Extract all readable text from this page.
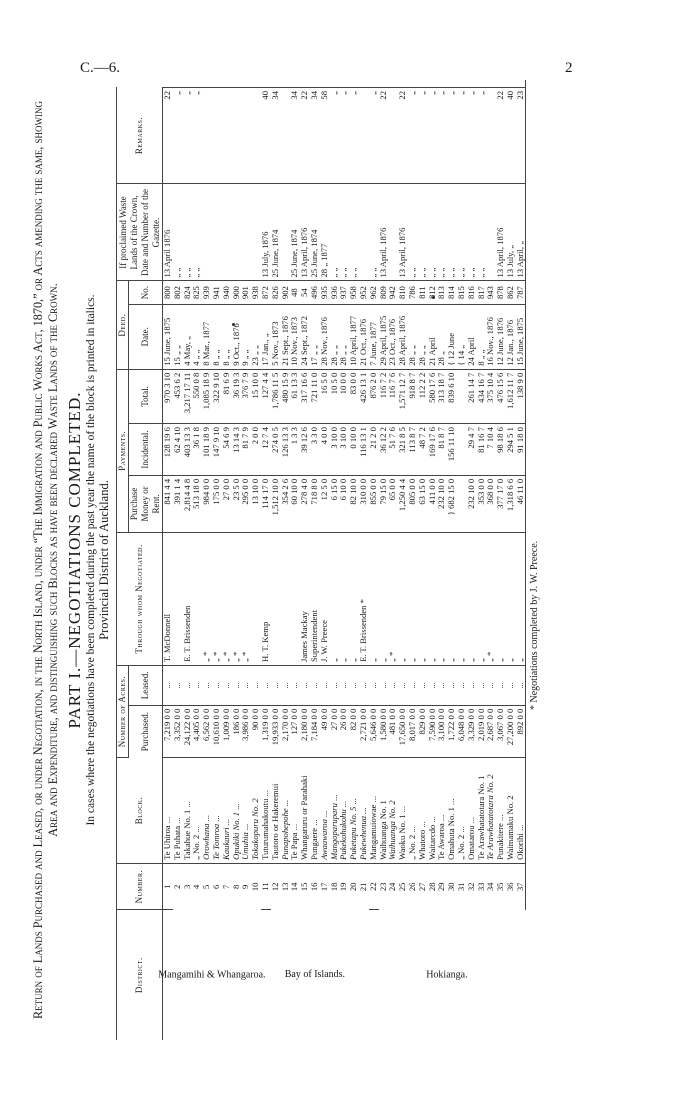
C.—6.	2
Return of Lands Purchased and Leased, or under Negotiation, in the North Island, under “The Immigration and Public Works Act, 1870,” or Acts amending the same, showing Area and Expenditure, and distinguishing such Blocks as have been declared Waste Lands of the Crown. PART I.—NEGOTIATIONS COMPLETED. In cases where the negotiations have been completed during the past year the name of the block is printed in italics. Provincial District of Auckland.
District.	Number.	Block.	Number of Acres.		Through whom Negotiated.	Payments.			Deed.		If proclaimed Waste Lands of the Crown, Date and Number of the Gazette.	Remarks.	
			Purchased.	Leased.		Purchase Money or Rent.	Incidental.	Total.	Date.	No.			
Mangamihi & Whangaroa.	1	Te Uhiroa ...	7,219 0 0	...	T. McDonnell	841 4 4	128 19 6	970 3 10	15 June, 1875	800	13 April 1876	22	
	2	Te Puhata ...	3,352 0 0	...		391 1 4	62 4 10	453 6 2	15 „ „	802	„ „	„	
	3	Takahue No. 1 ...	24,122 0 0	...	E. T. Brissenden	2,814 4 8	403 13 3	3,217 17 11	4 May, „	824	„ „	„	
	4	„ No. 2 ...	4,405 0 0	...		513 18 0	36 1 8	550 0 8	4 „ „	825	„ „	„	
	5	Orowhana ...	6,562 0 0	...	„ *	984 0 0	101 18 9	1,085 18 9	8 Mar., 1877	939			
	6	Te Tomroa ...	10,610 0 0	...	„ *	175 0 0	147 9 10	322 9 10	8 „ „	941			
	7	Kaukauri ...	1,009 0 0	...	„ *	27 0 0	54 6 9	81 6 9	8 „ „	940			
	8	Opukiki No. 1 ...	186 0 0	...	„ *	23 5 0	13 14 3	36 19 3	9 Oct., 1876	900			
	9	Umuhia ...	3,986 0 0	...	„ *	295 0 0	81 7 9	376 7 9	9 „ „	901			
	10	Tokakopuru No. 2	90 0 0	...		13 10 0	2 0 0	15 10 0	23 „ „	938			
Bay of Islands.	11	Tuturumahakoutu ...	1,319 0 0	...	H. T. Kemp	114 17 0	12 7 4	127 4 4	17 Jan., „	872	13 July, 1876	40	
	12	Tautoro or Hakeremui	19,933 0 0	...		1,512 10 0	274 0 5	1,786 11 5	5 Nov., 1873	826	25 June, 1874	34	
	13	Punapohepohe ...	2,170 0 0	...		354 2 6	126 13 3	480 15 9	21 Sept., 1876	902			
	14	Te Papa ...	127 0 0	...		60 10 0	1 3 3	61 13 3	10 Nov., 1873	48	25 June, 1874	34	
	15	Whangaruru or Parahaki	2,180 0 0	...	James Mackay	278 4 0	39 12 6	317 16 6	24 Sept., 1872	54	13 April, 1876	22	
	16	Pungaere ...	7,184 0 0	...	Superintendent	718 8 0	3 3 0	721 11 0	17 „ „	496	25 June, 1874	34	
	17	Awaawaroa ...	49 0 0	...	J. W. Preece	12 5 0	4 0 0	16 5 0	28 Nov., 1876	935	28 „ 1877	58	
	18	Mangoparuparu ...	27 0 0	...	„	6 15 0	3 10 0	10 5 0	28 „ „	936	„ „	„	
	19	Pukekohukohu ...	26 0 0	...	„	6 10 0	3 10 0	10 0 0	28 „ „	937	„ „	„	
	20	Puketapu No. 5 ...	82 0 0	...	„	82 10 0	0 10 0	83 0 0	10 April, 1877	958	„ „	„	
	21	Pukewhenua ...	2,721 0 0	...	E. T. Brissenden *	310 0 0	116 13 1	426 13 1	21 Oct., 1876	952			
Hokianga.	22	Mangamuiowae ...	5,646 0 0	...	„	855 0 0	21 2 0	876 2 0	7 June, 1877	962	„ „	„	
	23	Waihuanga No. 1	1,580 0 0	...	„	79 15 0	36 12 2	116 7 2	29 April, 1875	809	13 April, 1876	22	
	24	Waihuanga No. 2	481 0 0	...	„ *	65 0 0	51 7 6	116 7 6	23 Oct., 1876	942			
	25	Waoku No. 1 ...	17,650 0 0	...	„	1,250 4 4	321 8 5	1,571 12 7	28 April, 1876	810	13 April, 1876	22	
	26	„ No. 2 ...	8,017 0 0	...	„	805 0 0	113 8 7	918 8 7	28 „ „	786	„ „	„	
	27	Whatoro ...	829 0 0	...	„	63 15 0	48 7 2	112 2 2	28 „ „	811	„ „	„	
	28	Waitarcdo ...	7,590 0 0	...	„	411 0 0	169 17 6	580 17 6	21 April	812	„ „	„	
	29	Te Awaroa ...	3,100 0 0	...	„	232 10 0	81 8 7	313 18 7	28 „	813	„ „	„	
	30	Omahuta No. 1 ...	1,722 0 0	...	„	} 682 15 0	156 11 10	839 6 10	{ 12 June	814	„ „	„	
	31	„ No. 2 ...	6,048 0 0	...	„				{ 14 „	815	„ „	„	
	32	Omatarou ...	3,329 0 0	...	„	232 10 0	29 4 7	261 14 7	24 April	816	„ „	„	
	33	Te Arawhatatotara No. 1	2,019 0 0	...	„	353 0 0	81 16 7	434 16 7	8 „ „	817	„ „	„	
	34	Te Arawhatatotara No. 2	2,687 0 0	...	„ *	368 0 0	7 10 4	375 10 4	16 Nov., 1876	943			
	35	Punakitere ...	3,067 0 0	...	„	377 17 0	98 18 6	476 15 6	12 June, 1876	878	13 April, 1876	22	
	36	Waimamaku No. 2	27,200 0 0	...	„	1,318 6 6	294 5 1	1,612 11 7	12 Jan., 1876	862	13 July, „	40	
	37	Okorihi ...	892 0 0	...	„	46 11 0	91 18 0	138 9 0	15 June, 1875	787	13 April, „	23	
* Negotiations completed by J. W. Preece.
